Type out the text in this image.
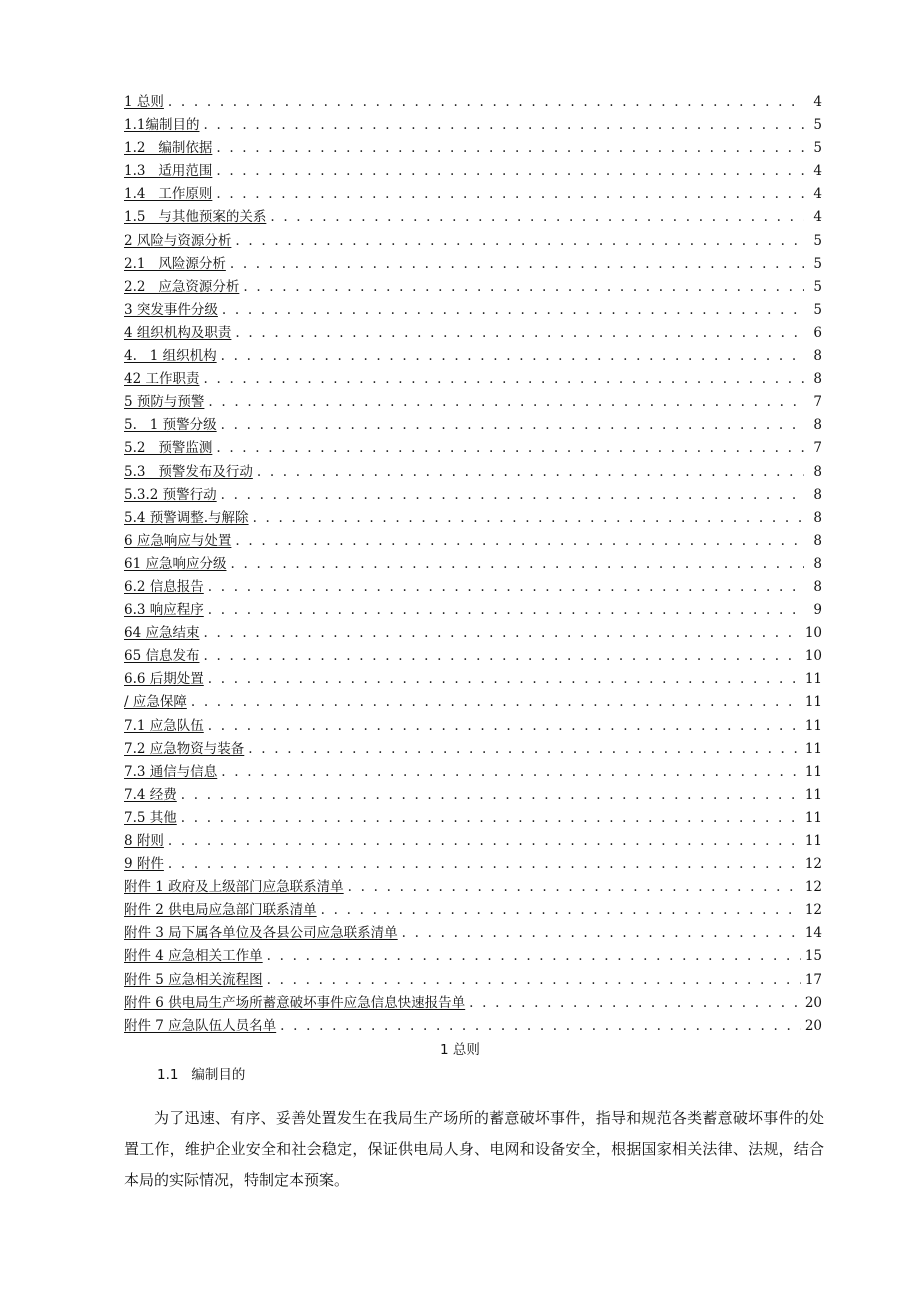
1 总则 . . .	4
1.1编制目的 . . .	5
1.2   编制依据 . . .	5
1.3   适用范围 . . .	4
1.4   工作原则 . . .	4
1.5   与其他预案的关系 . . .	4
2 风险与资源分析 . . .	5
2.1   风险源分析 . . .	5
2.2   应急资源分析 . . .	5
3 突发事件分级 . . .	5
4 组织机构及职责 . . .	6
4.   1 组织机构 . . .	8
42 工作职责 . . .	8
5 预防与预警 . . .	7
5.   1 预警分级 . . .	8
5.2   预警监测 . . .	7
5.3   预警发布及行动 . . .	8
5.3.2 预警行动 . . .	8
5.4 预警调整.与解除 . . .	8
6 应急响应与处置 . . .	8
61 应急响应分级 . . .	8
6.2 信息报告 . . .	8
6.3 响应程序 . . .	9
64 应急结束 . . .	10
65 信息发布 . . .	10
6.6 后期处置 . . .	11
/ 应急保障 . . .	11
7.1 应急队伍 . . .	11
7.2 应急物资与装备 . . .	11
7.3 通信与信息 . . .	11
7.4 经费 . . .	11
7.5 其他 . . .	11
8 附则 . . .	11
9 附件 . . .	12
附件 1 政府及上级部门应急联系清单 . . .	12
附件 2 供电局应急部门联系清单 . . .	12
附件 3 局下属各单位及各县公司应急联系清单 . . .	14
附件 4 应急相关工作单 . . .	15
附件 5 应急相关流程图 . . .	17
附件 6 供电局生产场所蓄意破坏事件应急信息快速报告单 . . .	20
附件 7 应急队伍人员名单 . . .	20
1 总则
1.1   编制目的

为了迅速、有序、妥善处置发生在我局生产场所的蓄意破坏事件，指导和规范各类蓄意破坏事件的处置工作，维护企业安全和社会稳定，保证供电局人身、电网和设备安全，根据国家相关法律、法规，结合本局的实际情况，特制定本预案。
